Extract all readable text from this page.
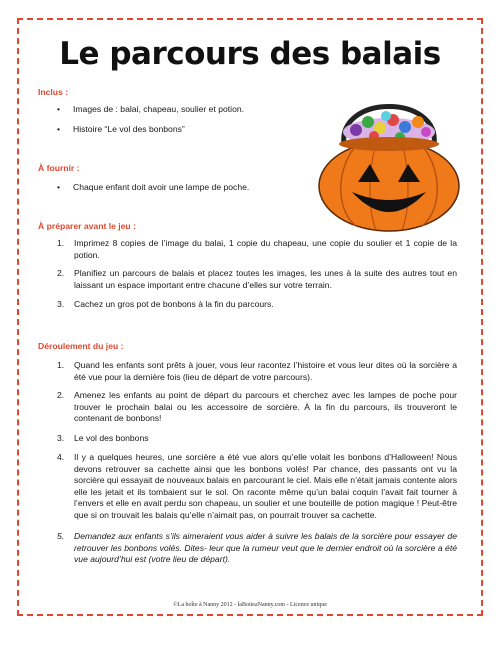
Le parcours des balais
Inclus :
• Images de : balai, chapeau, soulier et potion.
• Histoire “Le vol des bonbons”
À fournir :
• Chaque enfant doit avoir une lampe de poche.
À préparer avant le jeu :
1. Imprimez 8 copies de l’image du balai, 1 copie du chapeau, une copie du soulier et 1 copie de la potion.
2. Planifiez un parcours de balais et placez toutes les images, les unes à la suite des autres tout en laissant un espace important entre chacune d’elles sur votre terrain.
3. Cachez un gros pot de bonbons à la fin du parcours.
Déroulement du jeu :
1. Quand les enfants sont prêts à jouer, vous leur racontez l’histoire et vous leur dites où la sorcière a été vue pour la dernière fois (lieu de départ de votre parcours).
2. Amenez les enfants au point de départ du parcours et cherchez avec les lampes de poche pour trouver le prochain balai ou les accessoire de sorcière. À la fin du parcours, ils trouveront le contenant de bonbons!
3. Le vol des bonbons
4. Il y a quelques heures, une sorcière a été vue alors qu’elle volait les bonbons d’Halloween! Nous devons retrouver sa cachette ainsi que les bonbons volés! Par chance, des passants ont vu la sorcière qui essayait de nouveaux balais en parcourant le ciel. Mais elle n’était jamais contente alors elle les jetait et ils tombaient sur le sol. On raconte même qu’un balai coquin l’avait fait tourner à l’envers et elle en avait perdu son chapeau, un soulier et une bouteille de potion magique ! Peut-être que si on trouvait les balais qu’elle n’aimait pas, on pourrait trouver sa cachette.
5. Demandez aux enfants s’ils aimeraient vous aider à suivre les balais de la sorcière pour essayer de retrouver les bonbons volés. Dites- leur que la rumeur veut que le dernier endroit où la sorcière a été vue aujourd’hui est (votre lieu de départ).
©La boîte à Nanny 2012 - laBoiteaNanny.com - Licence unique
